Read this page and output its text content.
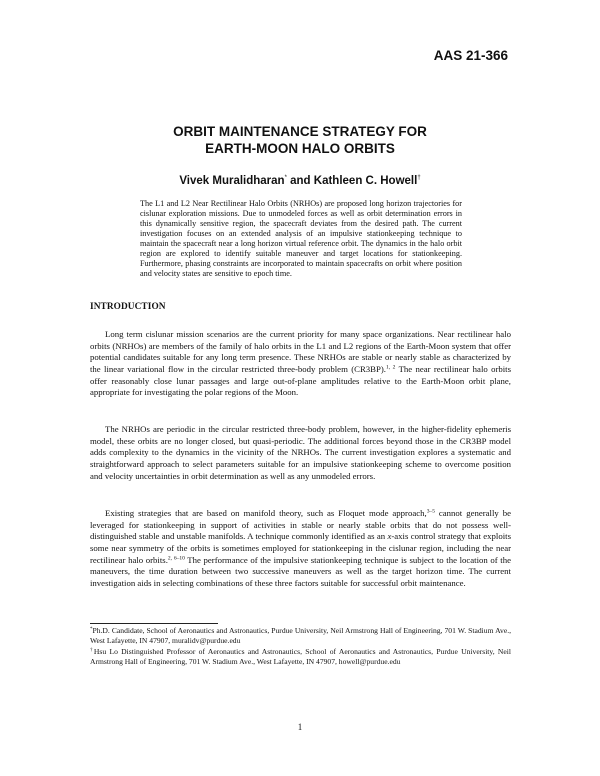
AAS 21-366
ORBIT MAINTENANCE STRATEGY FOR
EARTH-MOON HALO ORBITS
Vivek Muralidharan* and Kathleen C. Howell†
The L1 and L2 Near Rectilinear Halo Orbits (NRHOs) are proposed long horizon trajectories for cislunar exploration missions. Due to unmodeled forces as well as orbit determination errors in this dynamically sensitive region, the spacecraft deviates from the desired path. The current investigation focuses on an extended analysis of an impulsive stationkeeping technique to maintain the spacecraft near a long horizon virtual reference orbit. The dynamics in the halo orbit region are explored to identify suitable maneuver and target locations for stationkeeping. Furthermore, phasing constraints are incorporated to maintain spacecrafts on orbit where position and velocity states are sensitive to epoch time.
INTRODUCTION

Long term cislunar mission scenarios are the current priority for many space organizations. Near rectilinear halo orbits (NRHOs) are members of the family of halo orbits in the L1 and L2 regions of the Earth-Moon system that offer potential candidates suitable for any long term presence. These NRHOs are stable or nearly stable as characterized by the linear variational flow in the circular restricted three-body problem (CR3BP).$^{1, 2}$ The near rectilinear halo orbits offer reasonably close lunar passages and large out-of-plane amplitudes relative to the Earth-Moon orbit plane, appropriate for investigating the polar regions of the Moon.

The NRHOs are periodic in the circular restricted three-body problem, however, in the higher-fidelity ephemeris model, these orbits are no longer closed, but quasi-periodic. The additional forces beyond those in the CR3BP model adds complexity to the dynamics in the vicinity of the NRHOs. The current investigation explores a systematic and straightforward approach to select parameters suitable for an impulsive stationkeeping scheme to overcome position and velocity uncertainties in orbit determination as well as any unmodeled errors.

Existing strategies that are based on manifold theory, such as Floquet mode approach,$^{3-5}$ cannot generally be leveraged for stationkeeping in support of activities in stable or nearly stable orbits that do not possess well-distinguished stable and unstable manifolds. A technique commonly identified as an x-axis control strategy that exploits some near symmetry of the orbits is sometimes employed for stationkeeping in the cislunar region, including the near rectilinear halo orbits.$^{2, 6-10}$ The performance of the impulsive stationkeeping technique is subject to the location of the maneuvers, the time duration between two successive maneuvers as well as the target horizon time. The current investigation aids in selecting combinations of these three factors suitable for successful orbit maintenance.

*Ph.D. Candidate, School of Aeronautics and Astronautics, Purdue University, Neil Armstrong Hall of Engineering, 701 W. Stadium Ave., West Lafayette, IN 47907, muralidv@purdue.edu

†Hsu Lo Distinguished Professor of Aeronautics and Astronautics, School of Aeronautics and Astronautics, Purdue University, Neil Armstrong Hall of Engineering, 701 W. Stadium Ave., West Lafayette, IN 47907, howell@purdue.edu

1
